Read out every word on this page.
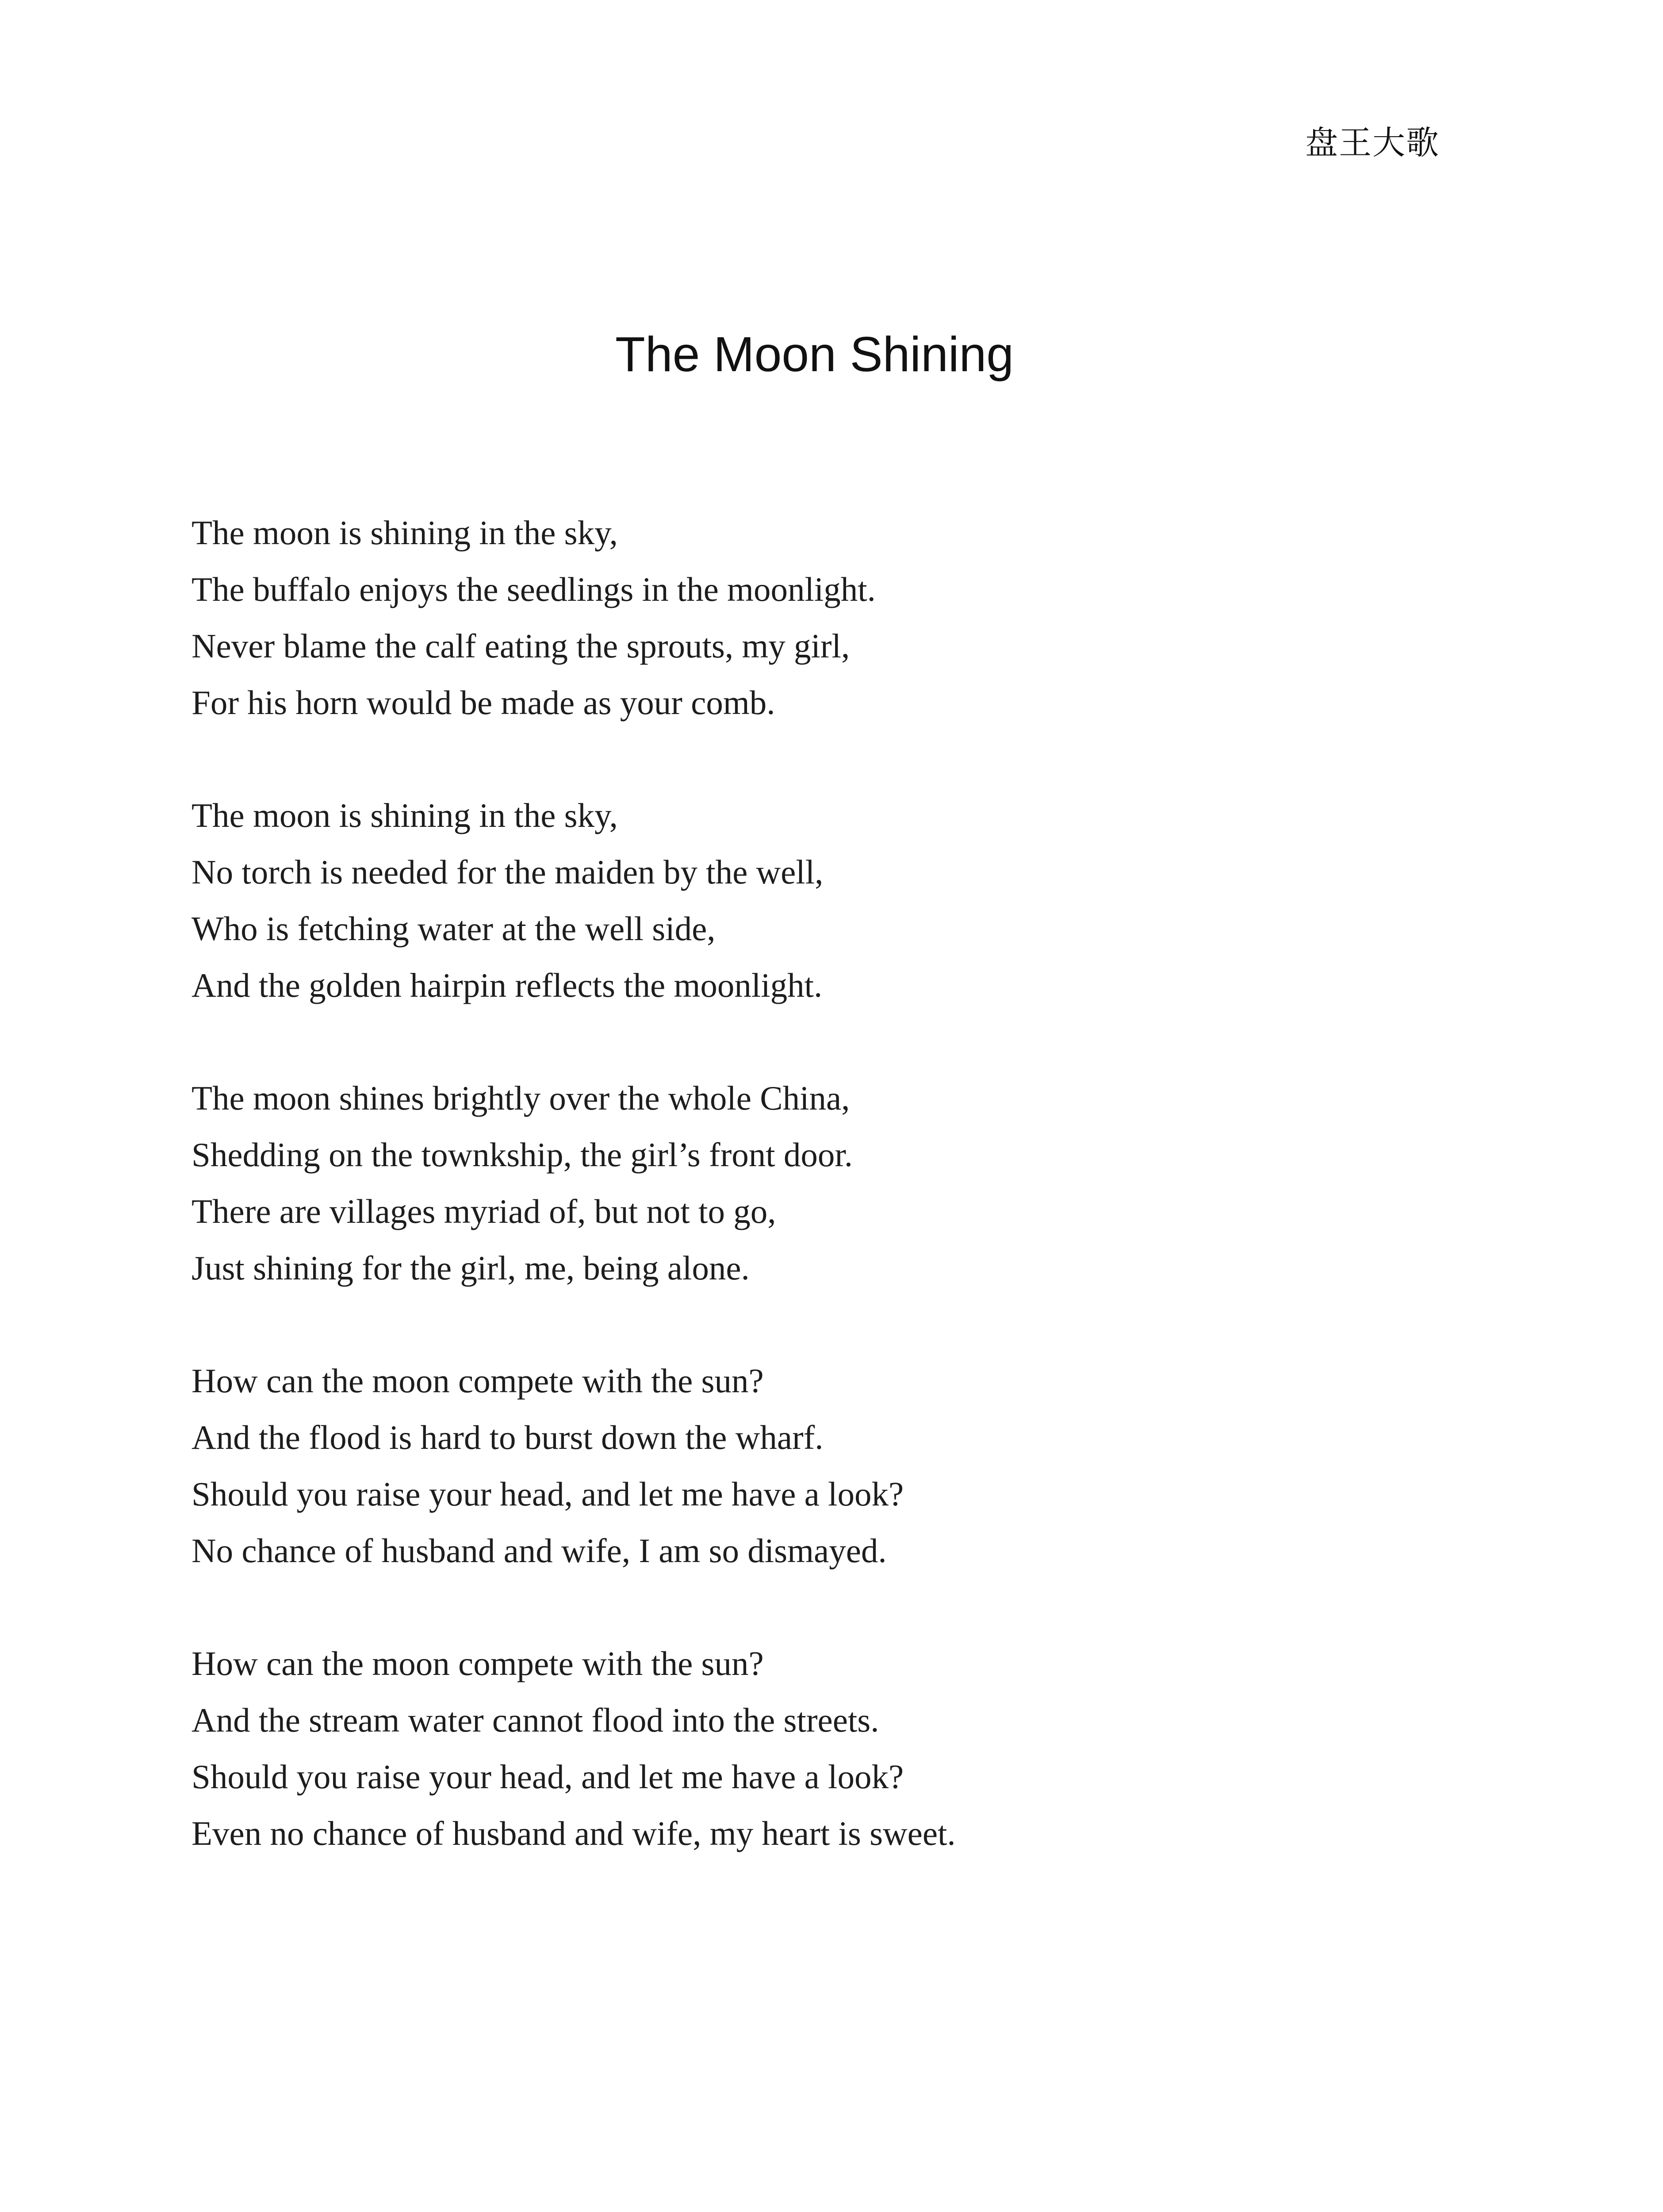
盘王大歌
The Moon Shining
The moon is shining in the sky,
The buffalo enjoys the seedlings in the moonlight.
Never blame the calf eating the sprouts, my girl,
For his horn would be made as your comb.
The moon is shining in the sky,
No torch is needed for the maiden by the well,
Who is fetching water at the well side,
And the golden hairpin reflects the moonlight.
The moon shines brightly over the whole China,
Shedding on the townkship, the girl’s front door.
There are villages myriad of, but not to go,
Just shining for the girl, me, being alone.
How can the moon compete with the sun?
And the flood is hard to burst down the wharf.
Should you raise your head, and let me have a look?
No chance of husband and wife, I am so dismayed.
How can the moon compete with the sun?
And the stream water cannot flood into the streets.
Should you raise your head, and let me have a look?
Even no chance of husband and wife, my heart is sweet.
